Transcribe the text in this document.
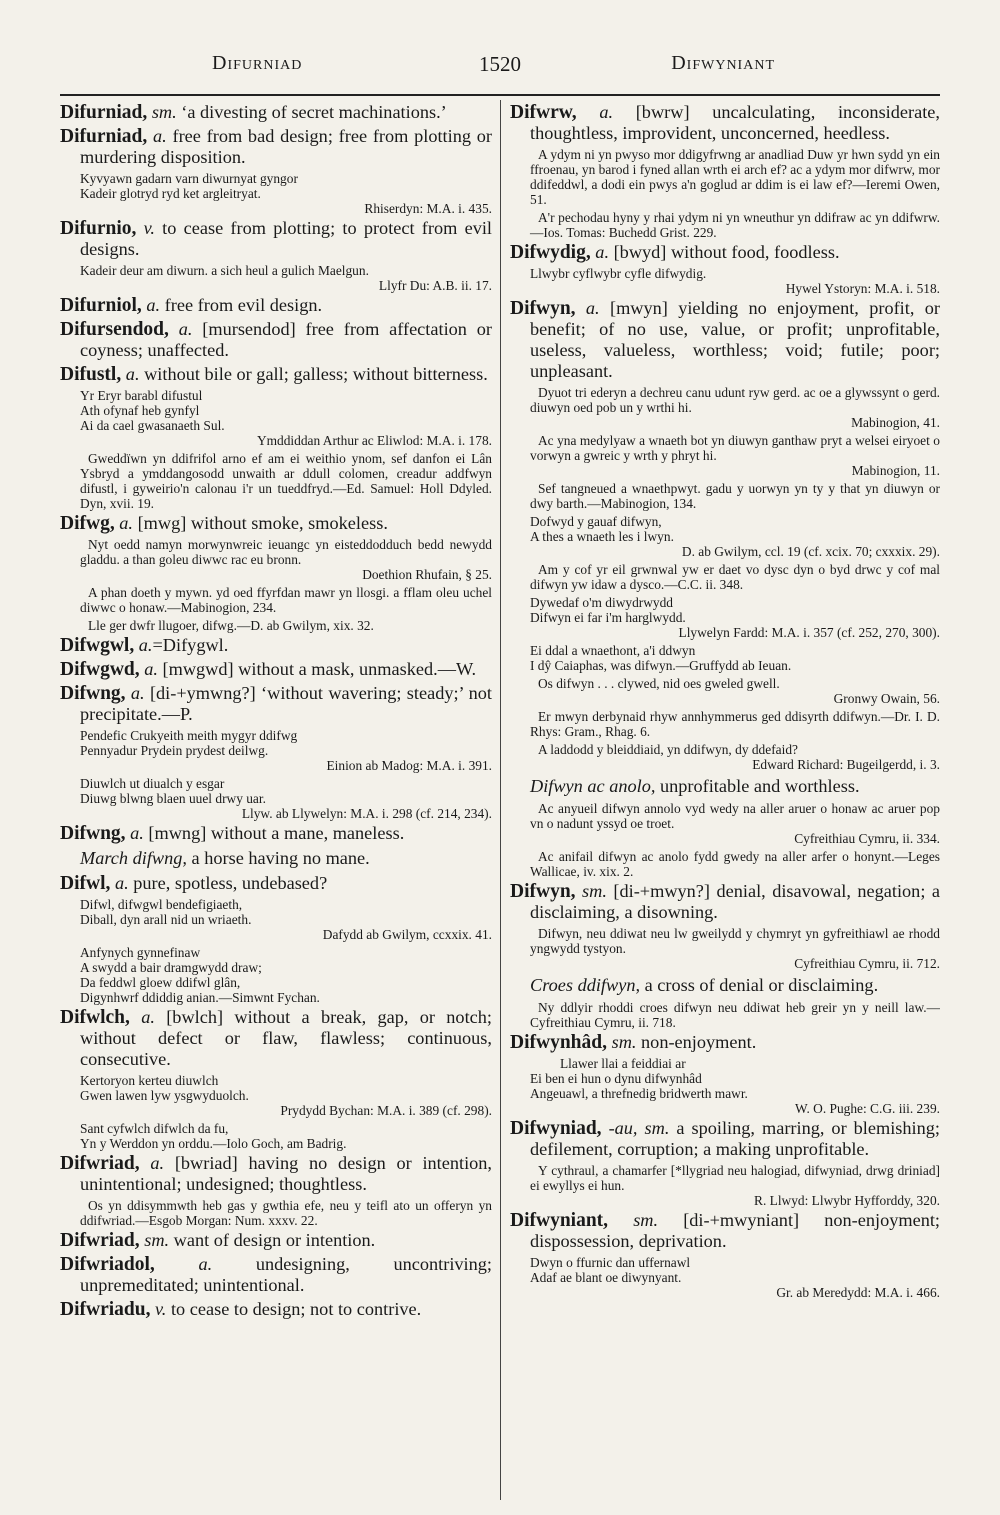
Difurniad	1520	Difwyniant
Difurniad, sm. ‘a divesting of secret machinations.’
Difurniad, a. free from bad design; free from plotting or murdering disposition.
Kyvyawn gadarn varn diwurnyat gyngor
Kadeir glotryd ryd ket argleitryat.
Rhiserdyn: M.A. i. 435.
Difurnio, v. to cease from plotting; to protect from evil designs.
Kadeir deur am diwurn. a sich heul a gulich Maelgun.
Llyfr Du: A.B. ii. 17.
Difurniol, a. free from evil design.
Difursendod, a. [mursendod] free from affectation or coyness; unaffected.
Difustl, a. without bile or gall; galless; without bitterness.
Yr Eryr barabl difustul
Ath ofynaf heb gynfyl
Ai da cael gwasanaeth Sul.
Ymddiddan Arthur ac Eliwlod: M.A. i. 178.
Gweddïwn yn ddifrifol arno ef am ei weithio ynom, sef danfon ei Lân Ysbryd a ymddangosodd unwaith ar ddull colomen, creadur addfwyn difustl, i gyweirio'n calonau i'r un tueddfryd.—Ed. Samuel: Holl Ddyled. Dyn, xvii. 19.
Difwg, a. [mwg] without smoke, smokeless.
Nyt oedd namyn morwynwreic ieuangc yn eisteddodduch bedd newydd gladdu. a than goleu diwwc rac eu bronn.
Doethion Rhufain, § 25.
A phan doeth y mywn. yd oed ffyrfdan mawr yn llosgi. a fflam oleu uchel diwwc o honaw.—Mabinogion, 234.
Lle ger dwfr llugoer, difwg.—D. ab Gwilym, xix. 32.
Difwgwl, a.=Difygwl.
Difwgwd, a. [mwgwd] without a mask, unmasked.—W.
Difwng, a. [di-+ymwng?] ‘without wavering; steady;’ not precipitate.—P.
Pendefic Crukyeith meith mygyr ddifwg
Pennyadur Prydein prydest deilwg.
Einion ab Madog: M.A. i. 391.
Diuwlch ut diualch y esgar
Diuwg blwng blaen uuel drwy uar.
Llyw. ab Llywelyn: M.A. i. 298 (cf. 214, 234).
Difwng, a. [mwng] without a mane, maneless.
March difwng, a horse having no mane.
Difwl, a. pure, spotless, undebased?
Difwl, difwgwl bendefigiaeth,
Diball, dyn arall nid un wriaeth.
Dafydd ab Gwilym, ccxxix. 41.
Anfynych gynnefinaw
A swydd a bair dramgwydd draw;
Da feddwl gloew ddifwl glân,
Digynhwrf ddiddig anian.—Simwnt Fychan.
Difwlch, a. [bwlch] without a break, gap, or notch; without defect or flaw, flawless; continuous, consecutive.
Kertoryon kerteu diuwlch
Gwen lawen lyw ysgwyduolch.
Prydydd Bychan: M.A. i. 389 (cf. 298).
Sant cyfwlch difwlch da fu,
Yn y Werddon yn orddu.—Iolo Goch, am Badrig.
Difwriad, a. [bwriad] having no design or intention, unintentional; undesigned; thoughtless.
Os yn ddisymmwth heb gas y gwthia efe, neu y teifl ato un offeryn yn ddifwriad.—Esgob Morgan: Num. xxxv. 22.
Difwriad, sm. want of design or intention.
Difwriadol, a. undesigning, uncontriving; unpremeditated; unintentional.
Difwriadu, v. to cease to design; not to contrive.
Difwrw, a. [bwrw] uncalculating, inconsiderate, thoughtless, improvident, unconcerned, heedless.
A ydym ni yn pwyso mor ddigyfrwng ar anadliad Duw yr hwn sydd yn ein ffroenau, yn barod i fyned allan wrth ei arch ef? ac a ydym mor difwrw, mor ddifeddwl, a dodi ein pwys a'n goglud ar ddim is ei law ef?—Ieremi Owen, 51.
A'r pechodau hyny y rhai ydym ni yn wneuthur yn ddifraw ac yn ddifwrw.—Ios. Tomas: Buchedd Grist. 229.
Difwydig, a. [bwyd] without food, foodless.
Llwybr cyflwybr cyfle difwydig.
Hywel Ystoryn: M.A. i. 518.
Difwyn, a. [mwyn] yielding no enjoyment, profit, or benefit; of no use, value, or profit; unprofitable, useless, valueless, worthless; void; futile; poor; unpleasant.
Dyuot tri ederyn a dechreu canu udunt ryw gerd. ac oe a glywssynt o gerd. diuwyn oed pob un y wrthi hi.
Mabinogion, 41.
Ac yna medylyaw a wnaeth bot yn diuwyn ganthaw pryt a welsei eiryoet o vorwyn a gwreic y wrth y phryt hi.
Mabinogion, 11.
Sef tangneued a wnaethpwyt. gadu y uorwyn yn ty y that yn diuwyn or dwy barth.—Mabinogion, 134.
Dofwyd y gauaf difwyn,
A thes a wnaeth les i lwyn.
D. ab Gwilym, ccl. 19 (cf. xcix. 70; cxxxix. 29).
Am y cof yr eil grwnwal yw er daet vo dysc dyn o byd drwc y cof mal difwyn yw idaw a dysco.—C.C. ii. 348.
Dywedaf o'm diwydrwydd
Difwyn ei far i'm harglwydd.
Llywelyn Fardd: M.A. i. 357 (cf. 252, 270, 300).
Ei ddal a wnaethont, a'i ddwyn
I dŷ Caiaphas, was difwyn.—Gruffydd ab Ieuan.
Os difwyn . . . clywed, nid oes gweled gwell.
Gronwy Owain, 56.
Er mwyn derbynaid rhyw annhymmerus ged ddisyrth ddifwyn.—Dr. I. D. Rhys: Gram., Rhag. 6.
A laddodd y bleiddiaid, yn ddifwyn, dy ddefaid?
Edward Richard: Bugeilgerdd, i. 3.
Difwyn ac anolo, unprofitable and worthless.
Ac anyueil difwyn annolo vyd wedy na aller aruer o honaw ac aruer pop vn o nadunt yssyd oe troet.
Cyfreithiau Cymru, ii. 334.
Ac anifail difwyn ac anolo fydd gwedy na aller arfer o honynt.—Leges Wallicae, iv. xix. 2.
Difwyn, sm. [di-+mwyn?] denial, disavowal, negation; a disclaiming, a disowning.
Difwyn, neu ddiwat neu lw gweilydd y chymryt yn gyfreithiawl ae rhodd yngwydd tystyon.
Cyfreithiau Cymru, ii. 712.
Croes ddifwyn, a cross of denial or disclaiming.
Ny ddlyir rhoddi croes difwyn neu ddiwat heb greir yn y neill law.—Cyfreithiau Cymru, ii. 718.
Difwynhâd, sm. non-enjoyment.
Llawer llai a feiddiai ar
Ei ben ei hun o dynu difwynhâd
Angeuawl, a threfnedig bridwerth mawr.
W. O. Pughe: C.G. iii. 239.
Difwyniad, -au, sm. a spoiling, marring, or blemishing; defilement, corruption; a making unprofitable.
Y cythraul, a chamarfer [*llygriad neu halogiad, difwyniad, drwg driniad] ei ewyllys ei hun.
R. Llwyd: Llwybr Hyfforddy, 320.
Difwyniant, sm. [di-+mwyniant] non-enjoyment; dispossession, deprivation.
Dwyn o ffurnic dan uffernawl
Adaf ae blant oe diwynyant.
Gr. ab Meredydd: M.A. i. 466.
